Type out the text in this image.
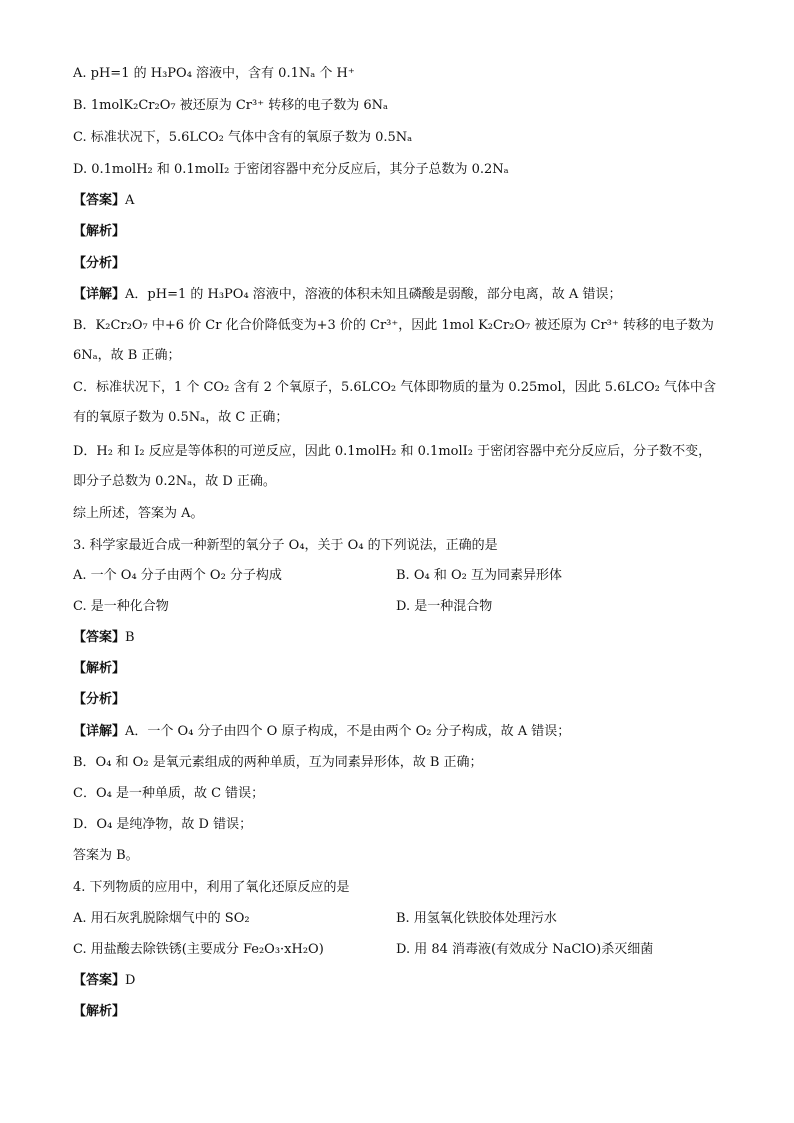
A. pH=1 的 H₃PO₄ 溶液中，含有 0.1Nₐ 个 H⁺
B. 1molK₂Cr₂O₇ 被还原为 Cr³⁺ 转移的电子数为 6Nₐ
C. 标准状况下，5.6LCO₂ 气体中含有的氧原子数为 0.5Nₐ
D. 0.1molH₂ 和 0.1molI₂ 于密闭容器中充分反应后，其分子总数为 0.2Nₐ
【答案】A
【解析】
【分析】
【详解】A．pH=1 的 H₃PO₄ 溶液中，溶液的体积未知且磷酸是弱酸，部分电离，故 A 错误；
B．K₂Cr₂O₇ 中+6 价 Cr 化合价降低变为+3 价的 Cr³⁺，因此 1mol K₂Cr₂O₇ 被还原为 Cr³⁺ 转移的电子数为
6Nₐ，故 B 正确；
C．标准状况下，1 个 CO₂ 含有 2 个氧原子，5.6LCO₂ 气体即物质的量为 0.25mol，因此 5.6LCO₂ 气体中含
有的氧原子数为 0.5Nₐ，故 C 正确；
D．H₂ 和 I₂ 反应是等体积的可逆反应，因此 0.1molH₂ 和 0.1molI₂ 于密闭容器中充分反应后，分子数不变，
即分子总数为 0.2Nₐ，故 D 正确。
综上所述，答案为 A。
3. 科学家最近合成一种新型的氧分子 O₄，关于 O₄ 的下列说法，正确的是
A. 一个 O₄ 分子由两个 O₂ 分子构成	B. O₄ 和 O₂ 互为同素异形体
C. 是一种化合物	D. 是一种混合物
【答案】B
【解析】
【分析】
【详解】A．一个 O₄ 分子由四个 O 原子构成，不是由两个 O₂ 分子构成，故 A 错误；
B．O₄ 和 O₂ 是氧元素组成的两种单质，互为同素异形体，故 B 正确；
C．O₄ 是一种单质，故 C 错误；
D．O₄ 是纯净物，故 D 错误；
答案为 B。
4. 下列物质的应用中，利用了氧化还原反应的是
A. 用石灰乳脱除烟气中的 SO₂	B. 用氢氧化铁胶体处理污水
C. 用盐酸去除铁锈(主要成分 Fe₂O₃·xH₂O)	D. 用 84 消毒液(有效成分 NaClO)杀灭细菌
【答案】D
【解析】
